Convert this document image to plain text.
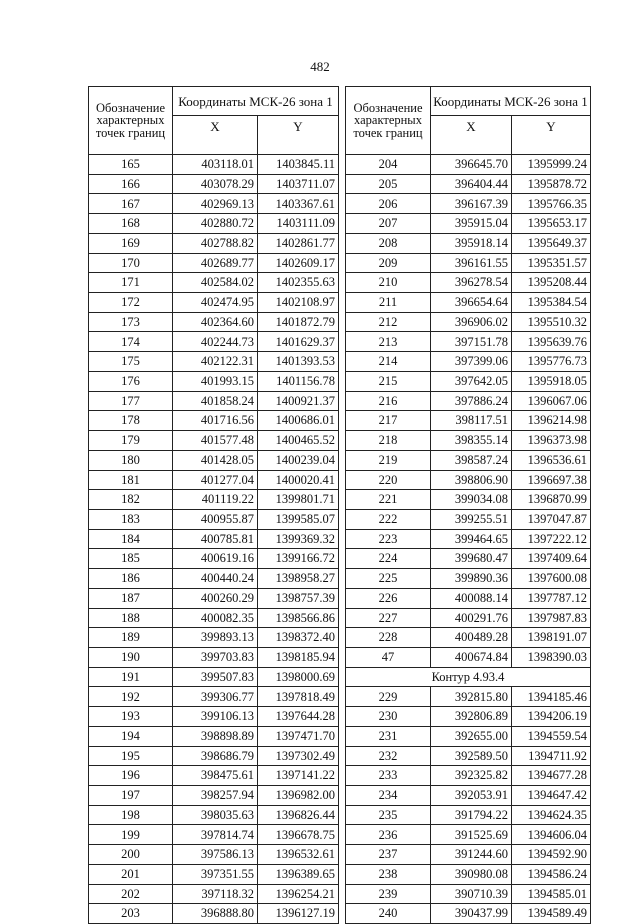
482
Обозначение характерных точек границ	Координаты МСК-26 зона 1	
	X	Y
165	403118.01	1403845.11
166	403078.29	1403711.07
167	402969.13	1403367.61
168	402880.72	1403111.09
169	402788.82	1402861.77
170	402689.77	1402609.17
171	402584.02	1402355.63
172	402474.95	1402108.97
173	402364.60	1401872.79
174	402244.73	1401629.37
175	402122.31	1401393.53
176	401993.15	1401156.78
177	401858.24	1400921.37
178	401716.56	1400686.01
179	401577.48	1400465.52
180	401428.05	1400239.04
181	401277.04	1400020.41
182	401119.22	1399801.71
183	400955.87	1399585.07
184	400785.81	1399369.32
185	400619.16	1399166.72
186	400440.24	1398958.27
187	400260.29	1398757.39
188	400082.35	1398566.86
189	399893.13	1398372.40
190	399703.83	1398185.94
191	399507.83	1398000.69
192	399306.77	1397818.49
193	399106.13	1397644.28
194	398898.89	1397471.70
195	398686.79	1397302.49
196	398475.61	1397141.22
197	398257.94	1396982.00
198	398035.63	1396826.44
199	397814.74	1396678.75
200	397586.13	1396532.61
201	397351.55	1396389.65
202	397118.32	1396254.21
203	396888.80	1396127.19
Обозначение характерных точек границ	Координаты МСК-26 зона 1	
	X	Y
204	396645.70	1395999.24
205	396404.44	1395878.72
206	396167.39	1395766.35
207	395915.04	1395653.17
208	395918.14	1395649.37
209	396161.55	1395351.57
210	396278.54	1395208.44
211	396654.64	1395384.54
212	396906.02	1395510.32
213	397151.78	1395639.76
214	397399.06	1395776.73
215	397642.05	1395918.05
216	397886.24	1396067.06
217	398117.51	1396214.98
218	398355.14	1396373.98
219	398587.24	1396536.61
220	398806.90	1396697.38
221	399034.08	1396870.99
222	399255.51	1397047.87
223	399464.65	1397222.12
224	399680.47	1397409.64
225	399890.36	1397600.08
226	400088.14	1397787.12
227	400291.76	1397987.83
228	400489.28	1398191.07
47	400674.84	1398390.03
Контур 4.93.4		
229	392815.80	1394185.46
230	392806.89	1394206.19
231	392655.00	1394559.54
232	392589.50	1394711.92
233	392325.82	1394677.28
234	392053.91	1394647.42
235	391794.22	1394624.35
236	391525.69	1394606.04
237	391244.60	1394592.90
238	390980.08	1394586.24
239	390710.39	1394585.01
240	390437.99	1394589.49
